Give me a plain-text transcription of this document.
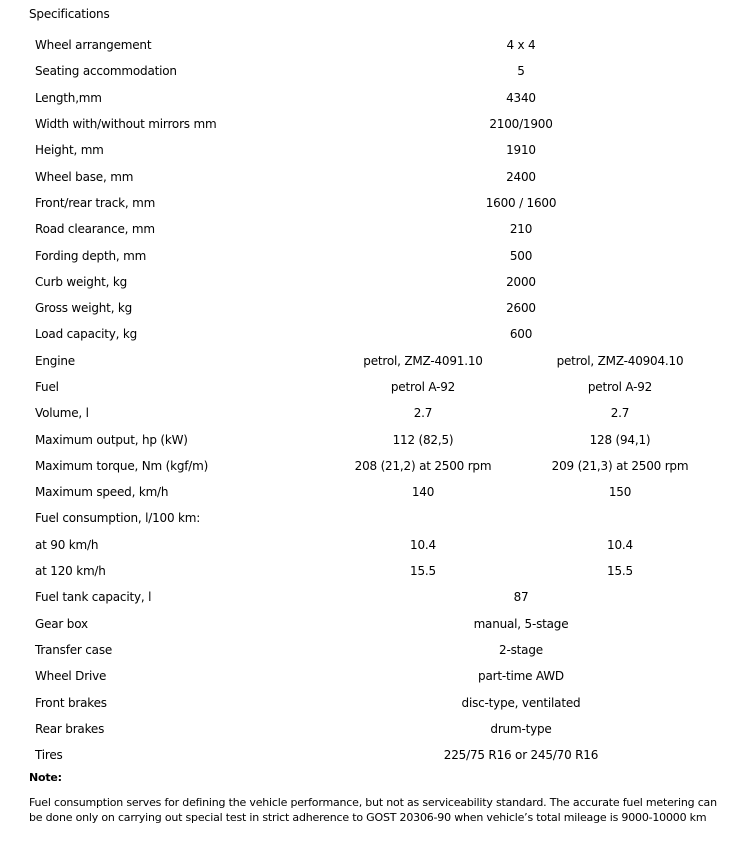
Specifications
Wheel arrangement	4 x 4	
Seating accommodation	5	
Length,mm	4340	
Width with/without mirrors mm	2100/1900	
Height, mm	1910	
Wheel base, mm	2400	
Front/rear track, mm	1600 / 1600	
Road clearance, mm	210	
Fording depth, mm	500	
Curb weight, kg	2000	
Gross weight, kg	2600	
Load capacity, kg	600	
Engine	petrol, ZMZ-4091.10	petrol, ZMZ-40904.10
Fuel	petrol A-92	petrol A-92
Volume, l	2.7	2.7
Maximum output, hp (kW)	112 (82,5)	128 (94,1)
Maximum torque, Nm (kgf/m)	208 (21,2) at 2500 rpm	209 (21,3) at 2500 rpm
Maximum speed, km/h	140	150
Fuel consumption, l/100 km:		
at 90 km/h	10.4	10.4
at 120 km/h	15.5	15.5
Fuel tank capacity, l	87	
Gear box	manual, 5-stage	
Transfer case	2-stage	
Wheel Drive	part-time AWD	
Front brakes	disc-type, ventilated	
Rear brakes	drum-type	
Tires	225/75 R16 or 245/70 R16	
Note:
Fuel consumption serves for defining the vehicle performance, but not as serviceability standard. The accurate fuel metering can be done only on carrying out special test in strict adherence to GOST 20306-90 when vehicle’s total mileage is 9000-10000 km
